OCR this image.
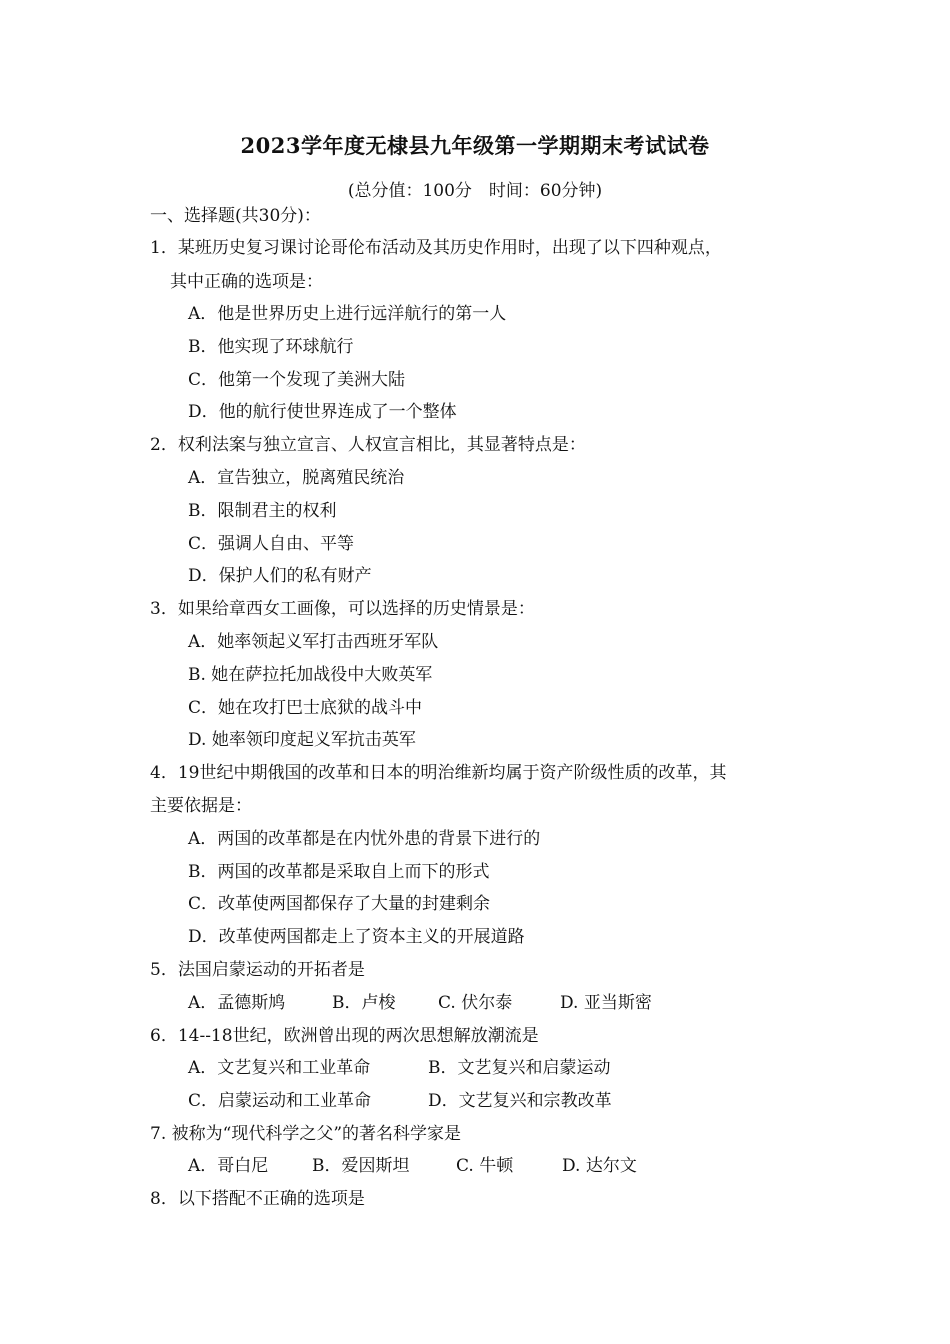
2023学年度无棣县九年级第一学期期末考试试卷
(总分值：100分　时间：60分钟)
一、选择题(共30分)：
1．某班历史复习课讨论哥伦布活动及其历史作用时，出现了以下四种观点，
其中正确的选项是：
A．他是世界历史上进行远洋航行的第一人
B．他实现了环球航行
C．他第一个发现了美洲大陆
D．他的航行使世界连成了一个整体
2．权利法案与独立宣言、人权宣言相比，其显著特点是：
A．宣告独立，脱离殖民统治
B．限制君主的权利
C．强调人自由、平等
D．保护人们的私有财产
3．如果给章西女工画像，可以选择的历史情景是：
A．她率领起义军打击西班牙军队
B. 她在萨拉托加战役中大败英军
C．她在攻打巴士底狱的战斗中
D. 她率领印度起义军抗击英军
4．19世纪中期俄国的改革和日本的明治维新均属于资产阶级性质的改革，其
主要依据是：
A．两国的改革都是在内忧外患的背景下进行的
B．两国的改革都是采取自上而下的形式
C．改革使两国都保存了大量的封建剩余
D．改革使两国都走上了资本主义的开展道路
5．法国启蒙运动的开拓者是
A．孟德斯鸠	B．卢梭	C. 伏尔泰	D. 亚当斯密
6．14--18世纪，欧洲曾出现的两次思想解放潮流是
A．文艺复兴和工业革命	B．文艺复兴和启蒙运动
C．启蒙运动和工业革命	D．文艺复兴和宗教改革
7. 被称为“现代科学之父”的著名科学家是
A．哥白尼	B．爱因斯坦	C. 牛顿	D. 达尔文
8．以下搭配不正确的选项是
